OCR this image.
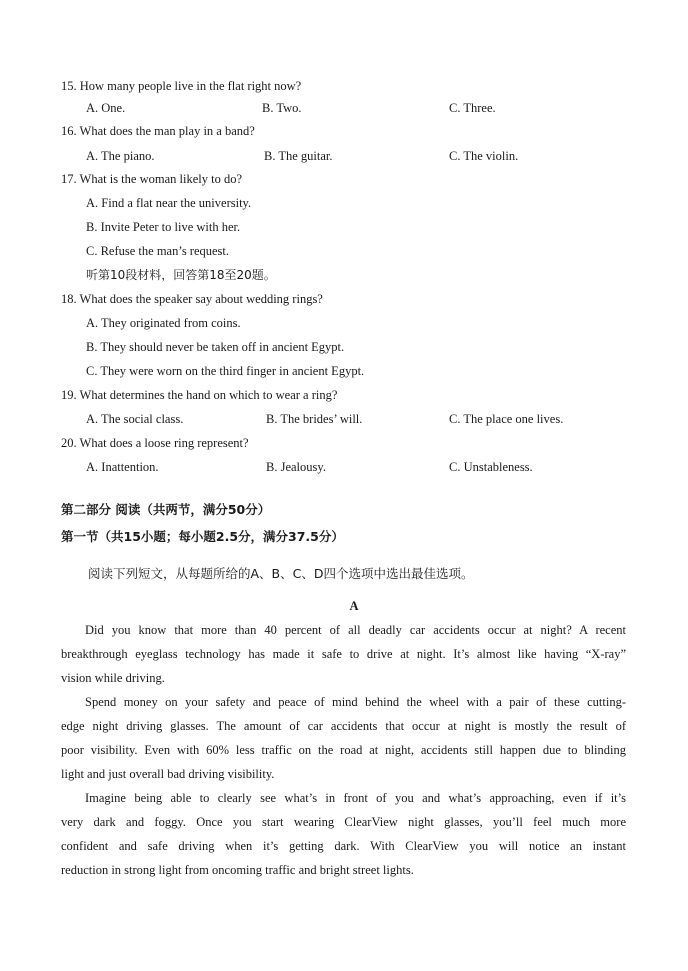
15. How many people live in the flat right now?
A. One.	B. Two.	C. Three.
16. What does the man play in a band?
A. The piano.	B. The guitar.	C. The violin.
17. What is the woman likely to do?
A. Find a flat near the university.
B. Invite Peter to live with her.
C. Refuse the man’s request.
听第10段材料，回答第18至20题。
18. What does the speaker say about wedding rings?
A. They originated from coins.
B. They should never be taken off in ancient Egypt.
C. They were worn on the third finger in ancient Egypt.
19. What determines the hand on which to wear a ring?
A. The social class.	B. The brides’ will.	C. The place one lives.
20. What does a loose ring represent?
A. Inattention.	B. Jealousy.	C. Unstableness.
第二部分 阅读（共两节，满分50分）
第一节（共15小题；每小题2.5分，满分37.5分）
阅读下列短文，从每题所给的A、B、C、D四个选项中选出最佳选项。
A
Did you know that more than 40 percent of all deadly car accidents occur at night? A recent
breakthrough eyeglass technology has made it safe to drive at night. It’s almost like having “X-ray”
vision while driving.
Spend money on your safety and peace of mind behind the wheel with a pair of these cutting-
edge night driving glasses. The amount of car accidents that occur at night is mostly the result of
poor visibility. Even with 60% less traffic on the road at night, accidents still happen due to blinding
light and just overall bad driving visibility.
Imagine being able to clearly see what’s in front of you and what’s approaching, even if it’s
very dark and foggy. Once you start wearing ClearView night glasses, you’ll feel much more
confident and safe driving when it’s getting dark. With ClearView you will notice an instant
reduction in strong light from oncoming traffic and bright street lights.
